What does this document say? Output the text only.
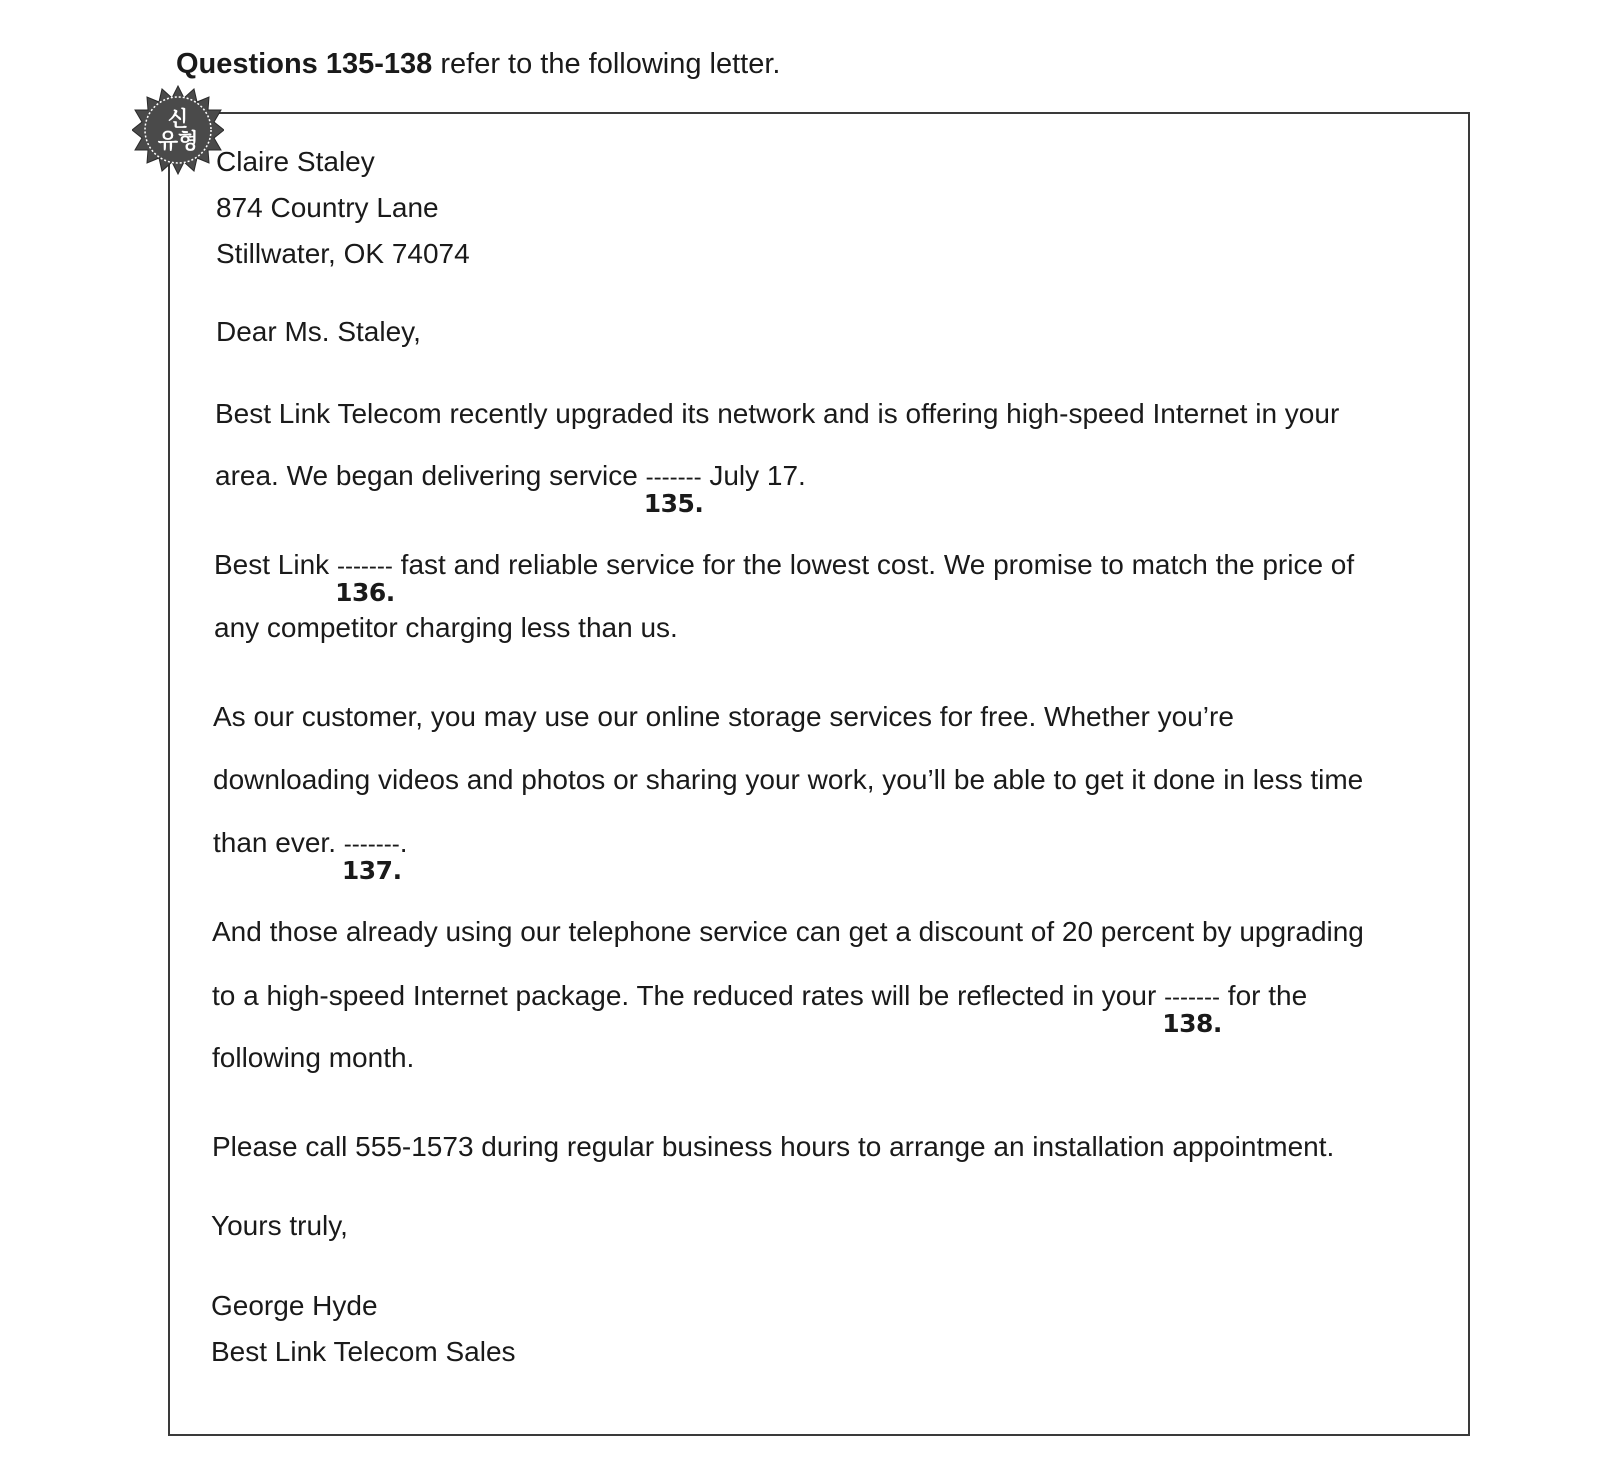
Questions 135-138 refer to the following letter.
신
유형
Claire Staley
874 Country Lane
Stillwater, OK 74074
Dear Ms. Staley,
Best Link Telecom recently upgraded its network and is offering high-speed Internet in your
area. We began delivering service -------
135.
July 17.
Best Link -------
136.
fast and reliable service for the lowest cost. We promise to match the price of
any competitor charging less than us.
As our customer, you may use our online storage services for free. Whether you’re
downloading videos and photos or sharing your work, you’ll be able to get it done in less time
than ever. -------
137.
.
And those already using our telephone service can get a discount of 20 percent by upgrading
to a high-speed Internet package. The reduced rates will be reflected in your -------
138.
for the
following month.
Please call 555-1573 during regular business hours to arrange an installation appointment.
Yours truly,
George Hyde
Best Link Telecom Sales
